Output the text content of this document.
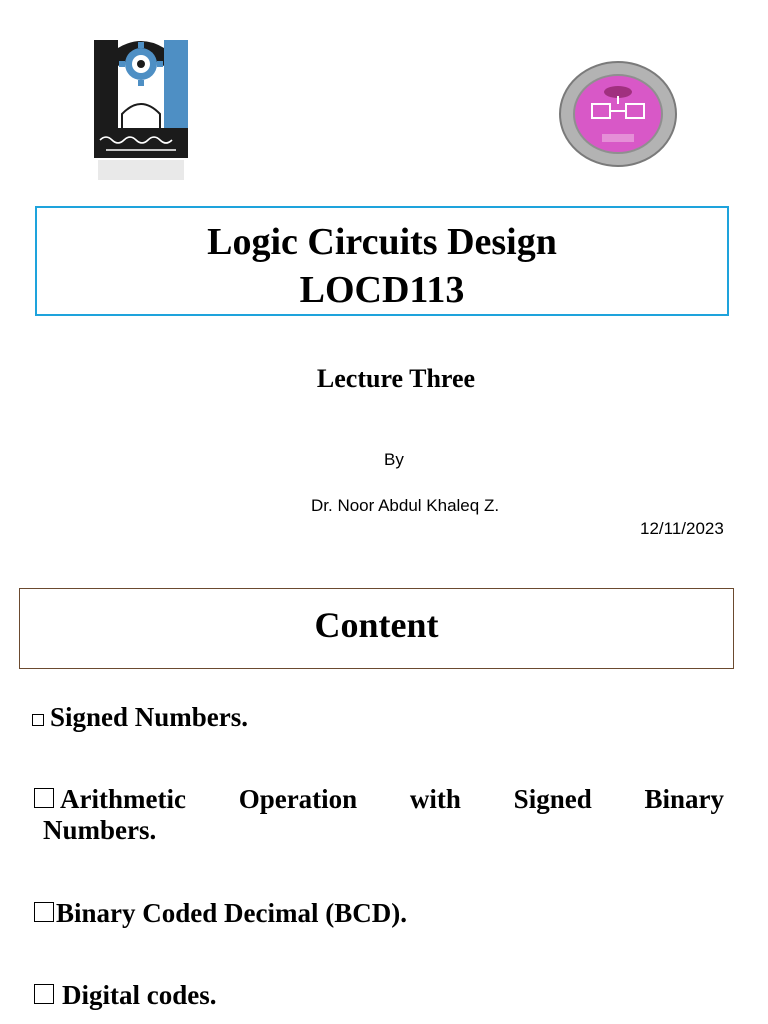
Logic Circuits Design
LOCD113
Lecture Three
By
Dr. Noor Abdul Khaleq Z.
12/11/2023
Content
Signed Numbers.
Arithmetic Operation with Signed Binary
Numbers.
Binary Coded Decimal (BCD).
Digital codes.
